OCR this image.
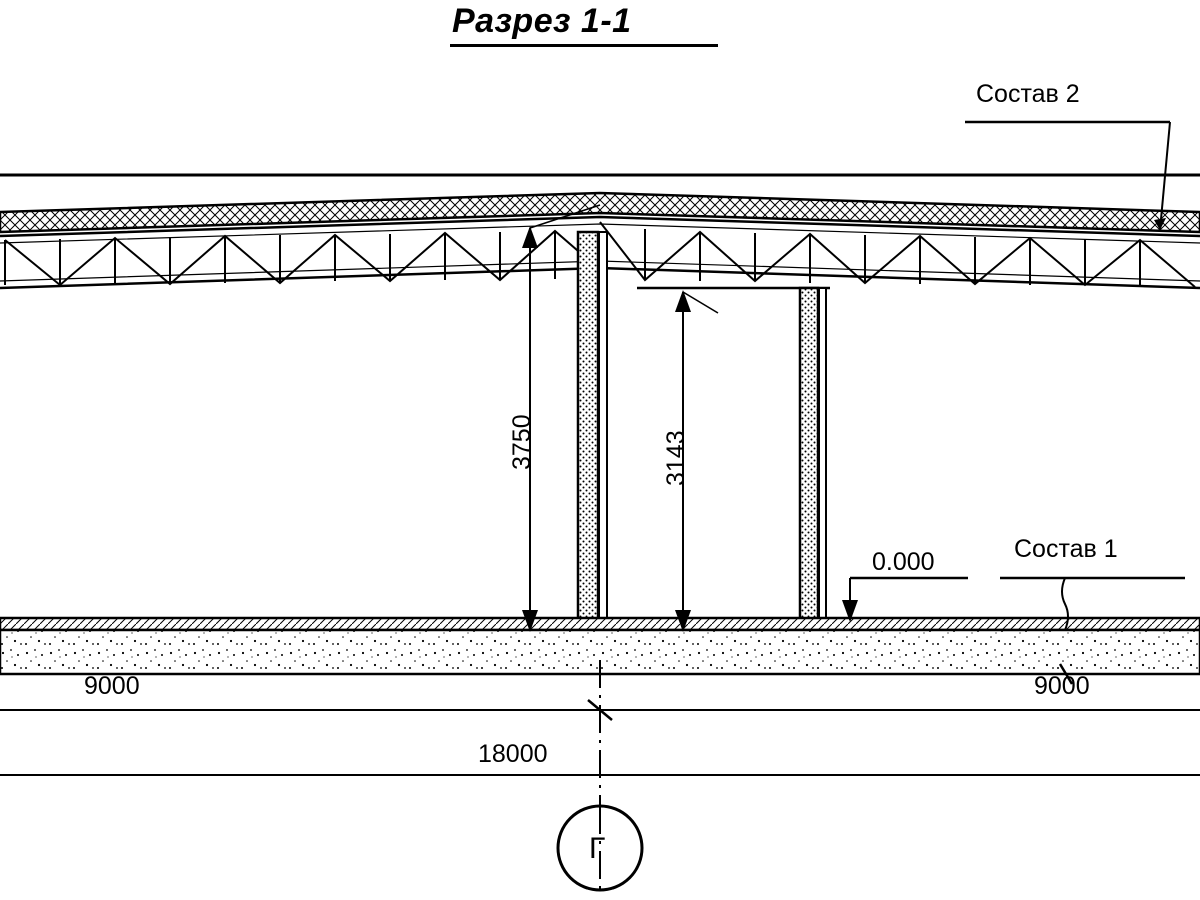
Разрез 1-1
Состав 2
Состав 1
0.000
3750	3143
9000	9000
18000
Г
